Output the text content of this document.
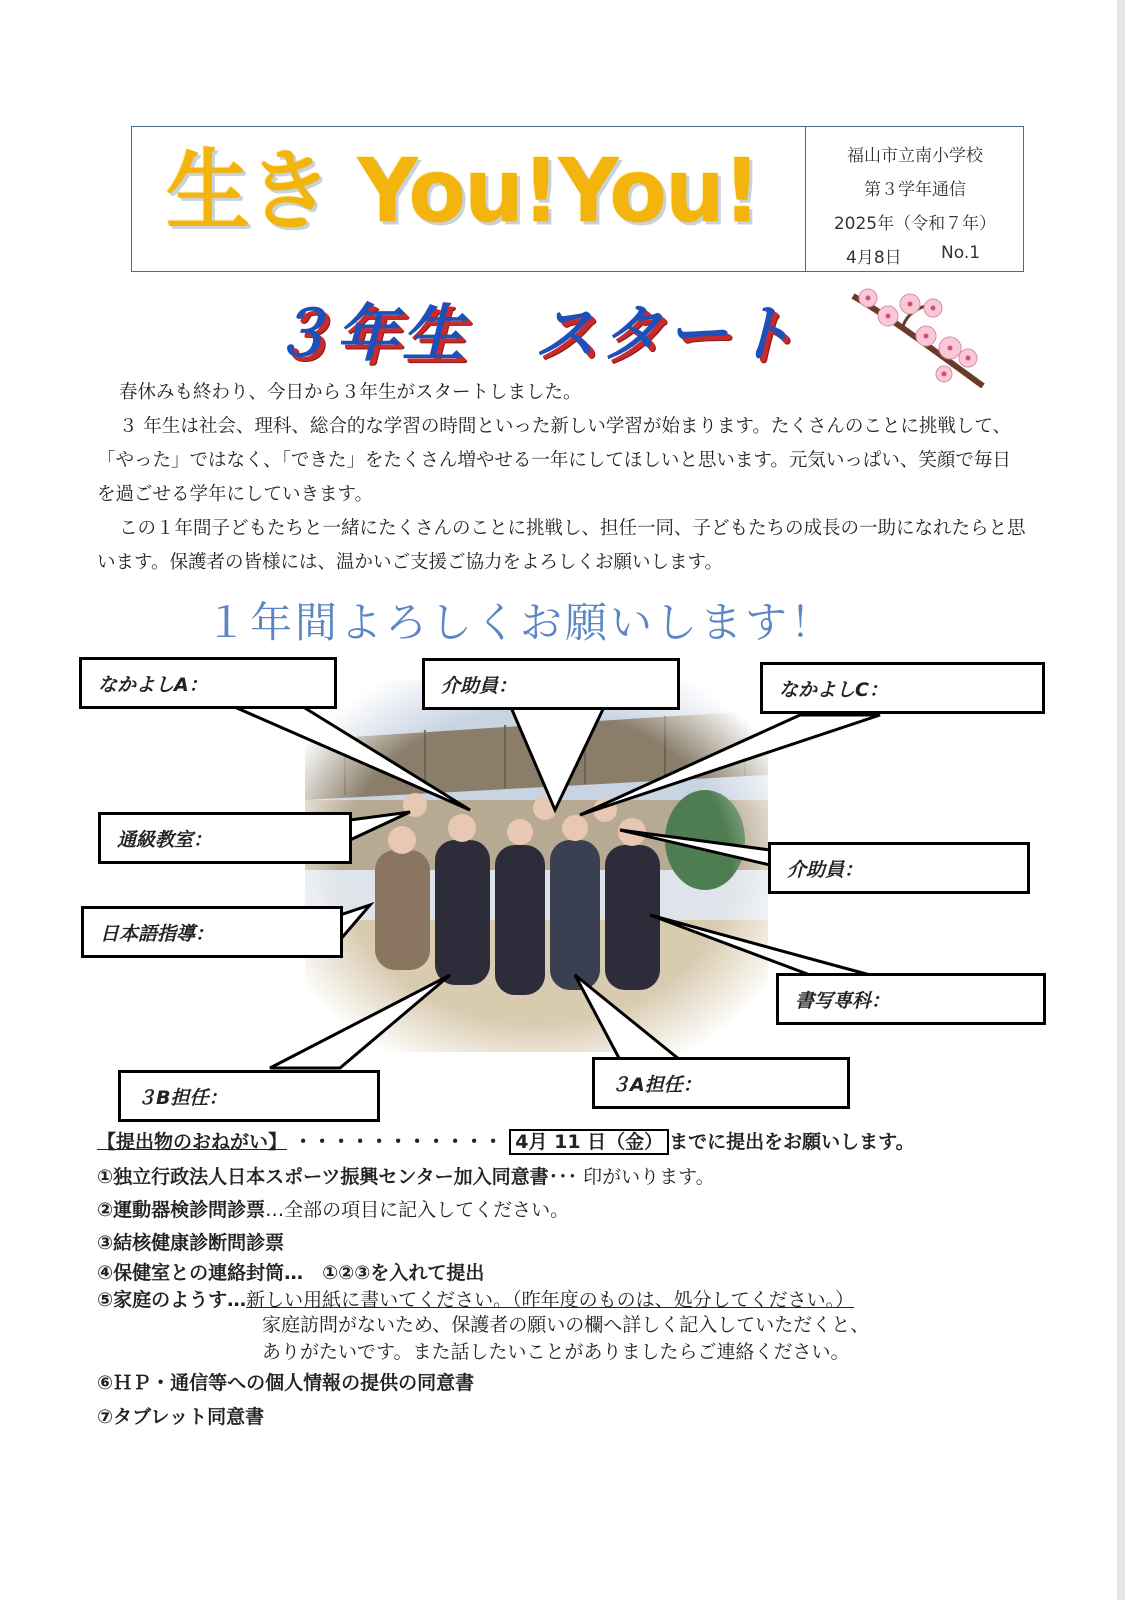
生き You!You!	福山市立南小学校
第３学年通信
2025年（令和７年）
4月8日 No.1
３年生　スタート
春休みも終わり、今日から３年生がスタートしました。
３ 年生は社会、理科、総合的な学習の時間といった新しい学習が始まります。たくさんのことに挑戦して、「やった」ではなく、「できた」をたくさん増やせる一年にしてほしいと思います。元気いっぱい、笑顔で毎日を過ごせる学年にしていきます。
この１年間子どもたちと一緒にたくさんのことに挑戦し、担任一同、子どもたちの成長の一助になれたらと思います。保護者の皆様には、温かいご支援ご協力をよろしくお願いします。
１年間よろしくお願いします！
なかよしA：	介助員：	なかよしC：
通級教室：
介助員：
日本語指導：
書写専科：
３B担任：
３A担任：
【提出物のおねがい】 ・・・・・・・・・・・ 4月 11 日（金） までに提出をお願いします。
①独立行政法人日本スポーツ振興センター加入同意書･･･ 印がいります。
②運動器検診問診票…全部の項目に記入してください。
③結核健康診断問診票
④保健室との連絡封筒…　①②③を入れて提出
⑤家庭のようす…新しい用紙に書いてください。（昨年度のものは、処分してください。）
家庭訪問がないため、保護者の願いの欄へ詳しく記入していただくと、
ありがたいです。また話したいことがありましたらご連絡ください。
⑥ＨＰ・通信等への個人情報の提供の同意書
⑦タブレット同意書
